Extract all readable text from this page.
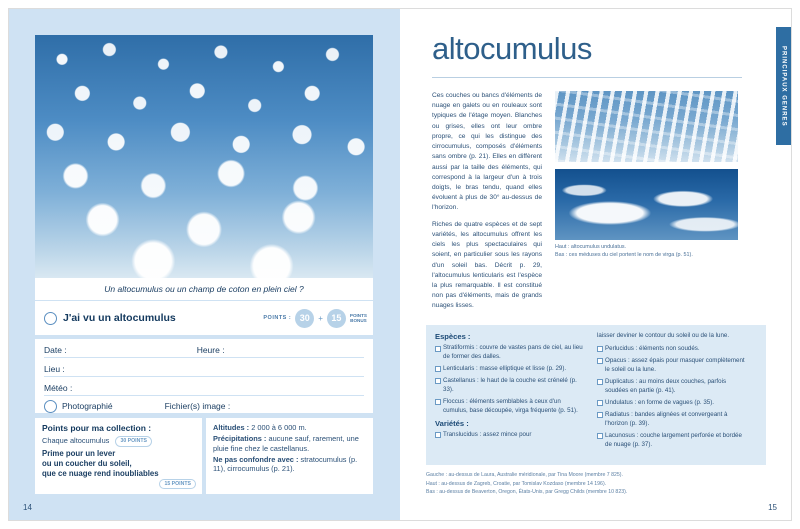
Un altocumulus ou un champ de coton en plein ciel ?
J'ai vu un altocumulus	POINTS : 30	+ 15	POINTS
BONUS
Date :	Heure :
Lieu :
Météo :
Photographié	Fichier(s) image :
Points pour ma collection :

Chaque altocumulus 30 POINTS

Prime pour un lever
ou un coucher du soleil,
que ce nuage rend inoubliables
15 POINTS

Altitudes : 2 000 à 6 000 m.

Précipitations : aucune sauf, rarement, une pluie fine chez le castellanus.

Ne pas confondre avec : stratocumulus (p. 11), cirrocumulus (p. 21).

14
altocumulus

Ces couches ou bancs d'éléments de nuage en galets ou en rouleaux sont typiques de l'étage moyen. Blanches ou grises, elles ont leur ombre propre, ce qui les distingue des cirrocumulus, composés d'éléments sans ombre (p. 21). Elles en diffèrent aussi par la taille des éléments, qui correspond à la largeur d'un à trois doigts, le bras tendu, quand elles évoluent à plus de 30° au-dessus de l'horizon.

Riches de quatre espèces et de sept variétés, les altocumulus offrent les ciels les plus spectaculaires qui soient, en particulier sous les rayons d'un soleil bas. Décrit p. 29, l'altocumulus lenticularis est l'espèce la plus remarquable. Il est constitué non pas d'éléments, mais de grands nuages lisses.

Haut : altocumulus undulatus.
Bas : ces méduses du ciel portent le nom de virga (p. 51).
Espèces :
Stratiformis : couvre de vastes pans de ciel, au lieu de former des dalles.
Lenticularis : masse elliptique et lisse (p. 29).
Castellanus : le haut de la couche est crénelé (p. 33).
Floccus : éléments semblables à ceux d'un cumulus, base découpée, virga fréquente (p. 51).
Variétés :
Translucidus : assez mince pour
laisser deviner le contour du soleil ou de la lune.
Perlucidus : éléments non soudés.
Opacus : assez épais pour masquer complètement le soleil ou la lune.
Duplicatus : au moins deux couches, parfois soudées en partie (p. 41).
Undulatus : en forme de vagues (p. 35).
Radiatus : bandes alignées et convergeant à l'horizon (p. 39).
Lacunosus : couche largement perforée et bordée de nuage (p. 37).
Gauche : au-dessus de Laura, Australie méridionale, par Tina Moore (membre 7 825).
Haut : au-dessus de Zagreb, Croatie, par Tomislav Kozdaso (membre 14 196).
Bas : au-dessus de Beaverton, Oregon, États-Unis, par Gregg Childs (membre 10 823).
15
PRINCIPAUX GENRES
